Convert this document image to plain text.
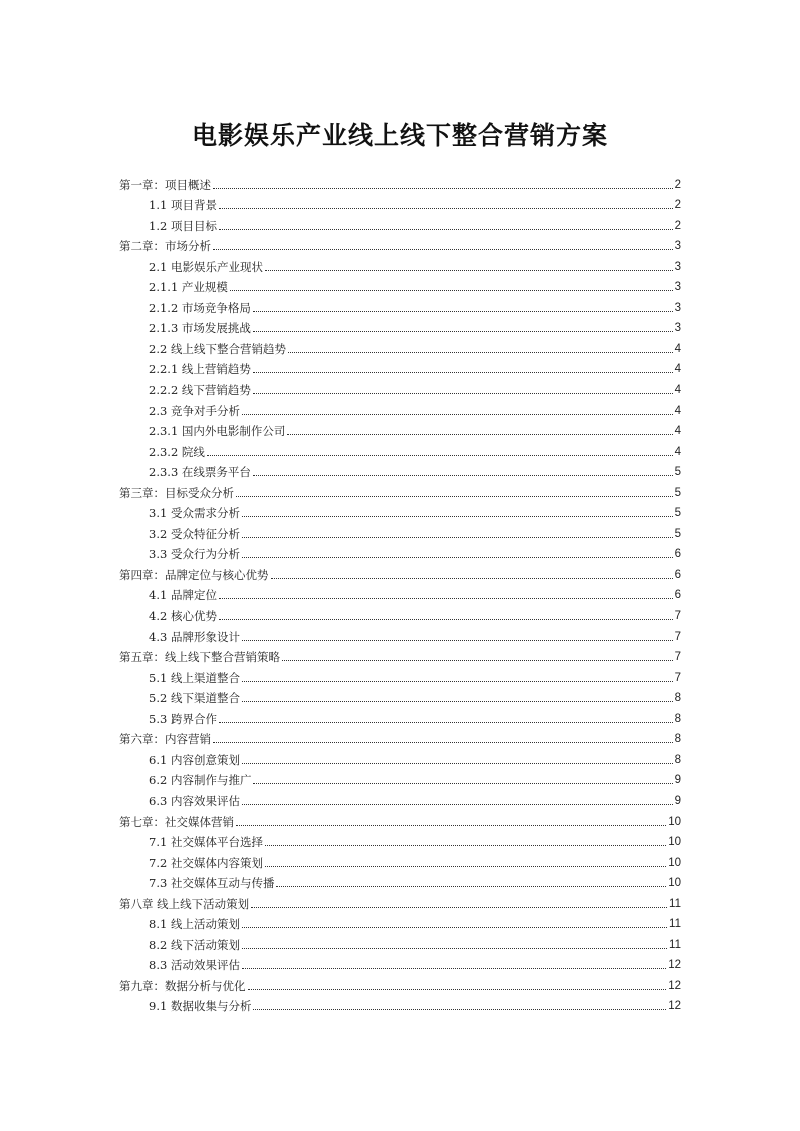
电影娱乐产业线上线下整合营销方案
第一章：项目概述	2
1.1 项目背景	2
1.2 项目目标	2
第二章：市场分析	3
2.1 电影娱乐产业现状	3
2.1.1 产业规模	3
2.1.2 市场竞争格局	3
2.1.3 市场发展挑战	3
2.2 线上线下整合营销趋势	4
2.2.1 线上营销趋势	4
2.2.2 线下营销趋势	4
2.3 竞争对手分析	4
2.3.1 国内外电影制作公司	4
2.3.2 院线	4
2.3.3 在线票务平台	5
第三章：目标受众分析	5
3.1 受众需求分析	5
3.2 受众特征分析	5
3.3 受众行为分析	6
第四章：品牌定位与核心优势	6
4.1 品牌定位	6
4.2 核心优势	7
4.3 品牌形象设计	7
第五章：线上线下整合营销策略	7
5.1 线上渠道整合	7
5.2 线下渠道整合	8
5.3 跨界合作	8
第六章：内容营销	8
6.1 内容创意策划	8
6.2 内容制作与推广	9
6.3 内容效果评估	9
第七章：社交媒体营销	10
7.1 社交媒体平台选择	10
7.2 社交媒体内容策划	10
7.3 社交媒体互动与传播	10
第八章 线上线下活动策划	11
8.1 线上活动策划	11
8.2 线下活动策划	11
8.3 活动效果评估	12
第九章：数据分析与优化	12
9.1 数据收集与分析	12
